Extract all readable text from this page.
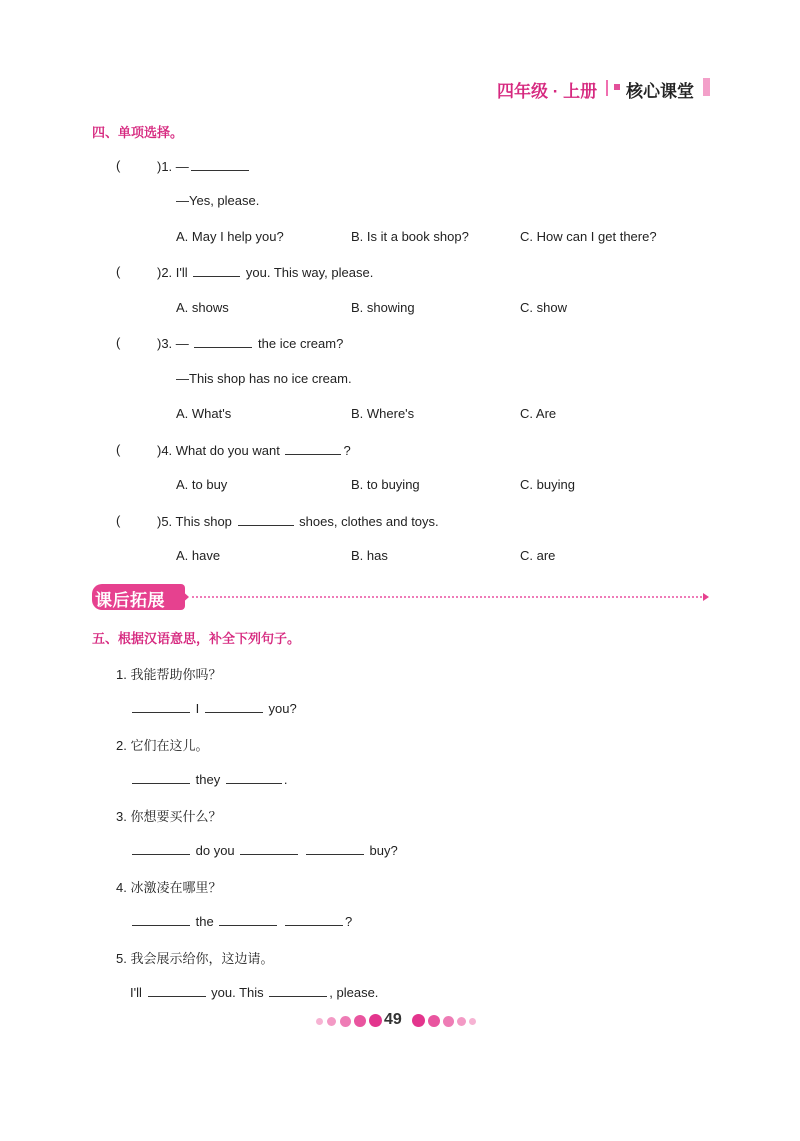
四年级 · 上册 核心课堂
四、单项选择。
(	)1. —
—Yes, please.
A. May I help you?	B. Is it a book shop?	C. How can I get there?
(	)2. I'll	you. This way, please.
A. shows	B. showing	C. show
(	)3. —	the ice cream?
—This shop has no ice cream.
A. What's	B. Where's	C. Are
(	)4. What do you want	?
A. to buy	B. to buying	C. buying
(	)5. This shop	shoes, clothes and toys.
A. have	B. has	C. are
课后拓展
五、根据汉语意思，补全下列句子。
1. 我能帮助你吗？
I	you?
2. 它们在这儿。
they	.
3. 你想要买什么？
do you	buy?
4. 冰激凌在哪里？
the	?
5. 我会展示给你，这边请。
I'll	you. This	, please.
49
